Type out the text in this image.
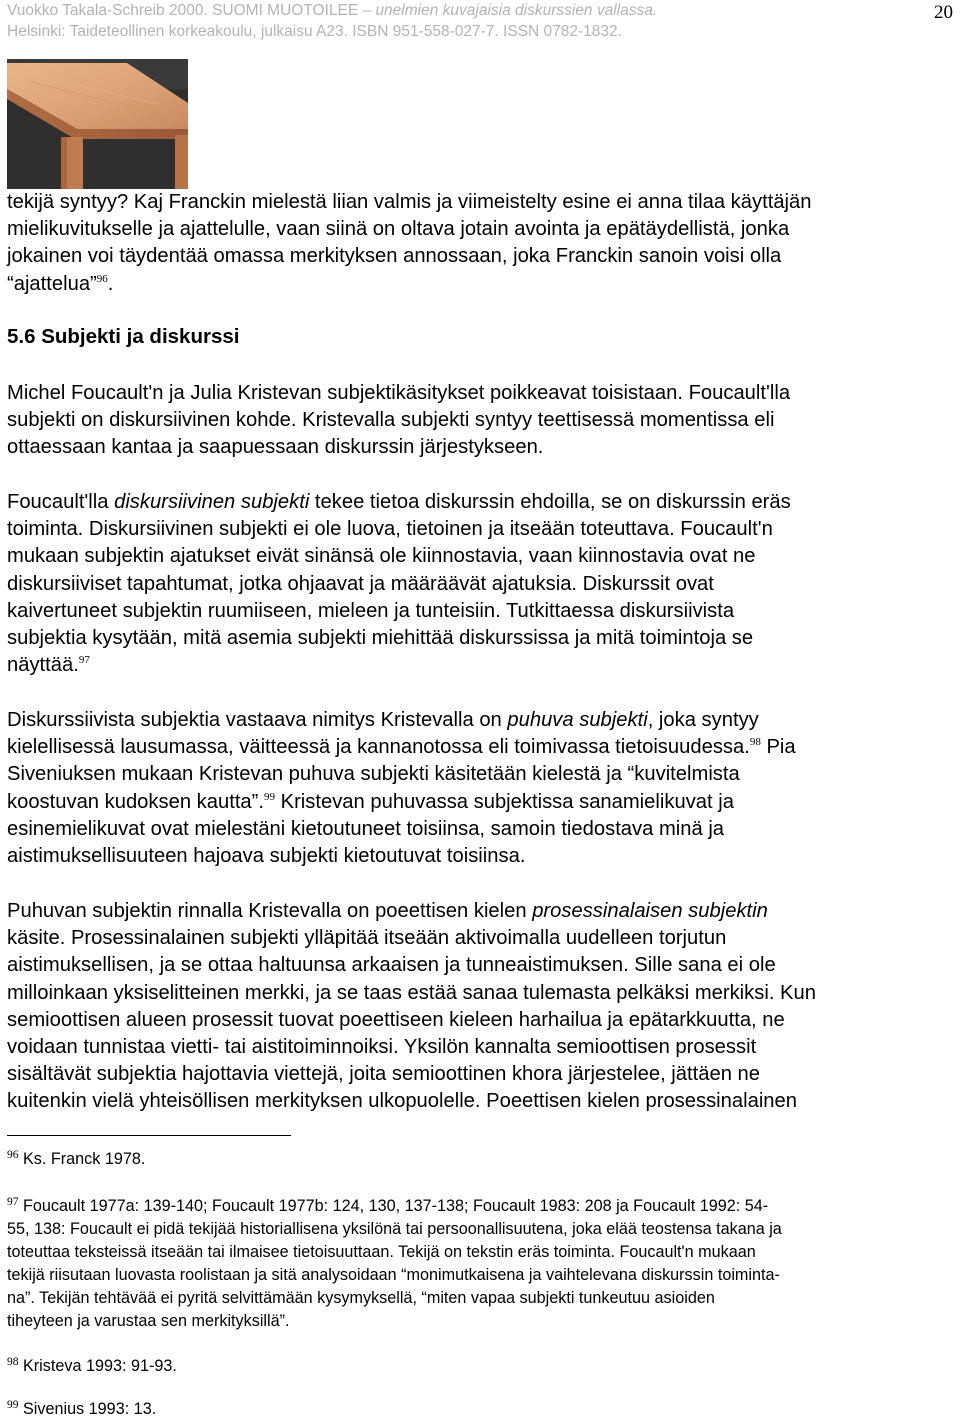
Vuokko Takala-Schreib 2000. SUOMI MUOTOILEE – unelmien kuvajaisia diskurssien vallassa.
Helsinki: Taideteollinen korkeakoulu, julkaisu A23. ISBN 951-558-027-7. ISSN 0782-1832.
20
tekijä syntyy? Kaj Franckin mielestä liian valmis ja viimeistelty esine ei anna tilaa käyttäjän
mielikuvitukselle ja ajattelulle, vaan siinä on oltava jotain avointa ja epätäydellistä, jonka
jokainen voi täydentää omassa merkityksen annossaan, joka Franckin sanoin voisi olla
“ajattelua”$^{96}$.
5.6 Subjekti ja diskurssi
Michel Foucault'n ja Julia Kristevan subjektikäsitykset poikkeavat toisistaan. Foucault'lla
subjekti on diskursiivinen kohde. Kristevalla subjekti syntyy teettisessä momentissa eli
ottaessaan kantaa ja saapuessaan diskurssin järjestykseen.
Foucault'lla diskursiivinen subjekti tekee tietoa diskurssin ehdoilla, se on diskurssin eräs
toiminta. Diskursiivinen subjekti ei ole luova, tietoinen ja itseään toteuttava. Foucault'n
mukaan subjektin ajatukset eivät sinänsä ole kiinnostavia, vaan kiinnostavia ovat ne
diskursiiviset tapahtumat, jotka ohjaavat ja määräävät ajatuksia. Diskurssit ovat
kaivertuneet subjektin ruumiiseen, mieleen ja tunteisiin. Tutkittaessa diskursiivista
subjektia kysytään, mitä asemia subjekti miehittää diskurssissa ja mitä toimintoja se
näyttää.$^{97}$
Diskurssiivista subjektia vastaava nimitys Kristevalla on puhuva subjekti, joka syntyy
kielellisessä lausumassa, väitteessä ja kannanotossa eli toimivassa tietoisuudessa.$^{98}$ Pia
Siveniuksen mukaan Kristevan puhuva subjekti käsitetään kielestä ja “kuvitelmista
koostuvan kudoksen kautta”.$^{99}$ Kristevan puhuvassa subjektissa sanamielikuvat ja
esinemielikuvat ovat mielestäni kietoutuneet toisiinsa, samoin tiedostava minä ja
aistimuksellisuuteen hajoava subjekti kietoutuvat toisiinsa.
Puhuvan subjektin rinnalla Kristevalla on poeettisen kielen prosessinalaisen subjektin
käsite. Prosessinalainen subjekti ylläpitää itseään aktivoimalla uudelleen torjutun
aistimuksellisen, ja se ottaa haltuunsa arkaaisen ja tunneaistimuksen. Sille sana ei ole
milloinkaan yksiselitteinen merkki, ja se taas estää sanaa tulemasta pelkäksi merkiksi. Kun
semioottisen alueen prosessit tuovat poeettiseen kieleen harhailua ja epätarkkuutta, ne
voidaan tunnistaa vietti- tai aistitoiminnoiksi. Yksilön kannalta semioottisen prosessit
sisältävät subjektia hajottavia viettejä, joita semioottinen khora järjestelee, jättäen ne
kuitenkin vielä yhteisöllisen merkityksen ulkopuolelle. Poeettisen kielen prosessinalainen
$^{96}$ Ks. Franck 1978.
$^{97}$ Foucault 1977a: 139-140; Foucault 1977b: 124, 130, 137-138; Foucault 1983: 208 ja Foucault 1992: 54-
55, 138: Foucault ei pidä tekijää historiallisena yksilönä tai persoonallisuutena, joka elää teostensa takana ja
toteuttaa teksteissä itseään tai ilmaisee tietoisuuttaan. Tekijä on tekstin eräs toiminta. Foucault'n mukaan
tekijä riisutaan luovasta roolistaan ja sitä analysoidaan “monimutkaisena ja vaihtelevana diskurssin toiminta-
na”. Tekijän tehtävää ei pyritä selvittämään kysymyksellä, “miten vapaa subjekti tunkeutuu asioiden
tiheyteen ja varustaa sen merkityksillä”.
$^{98}$ Kristeva 1993: 91-93.
$^{99}$ Sivenius 1993: 13.
